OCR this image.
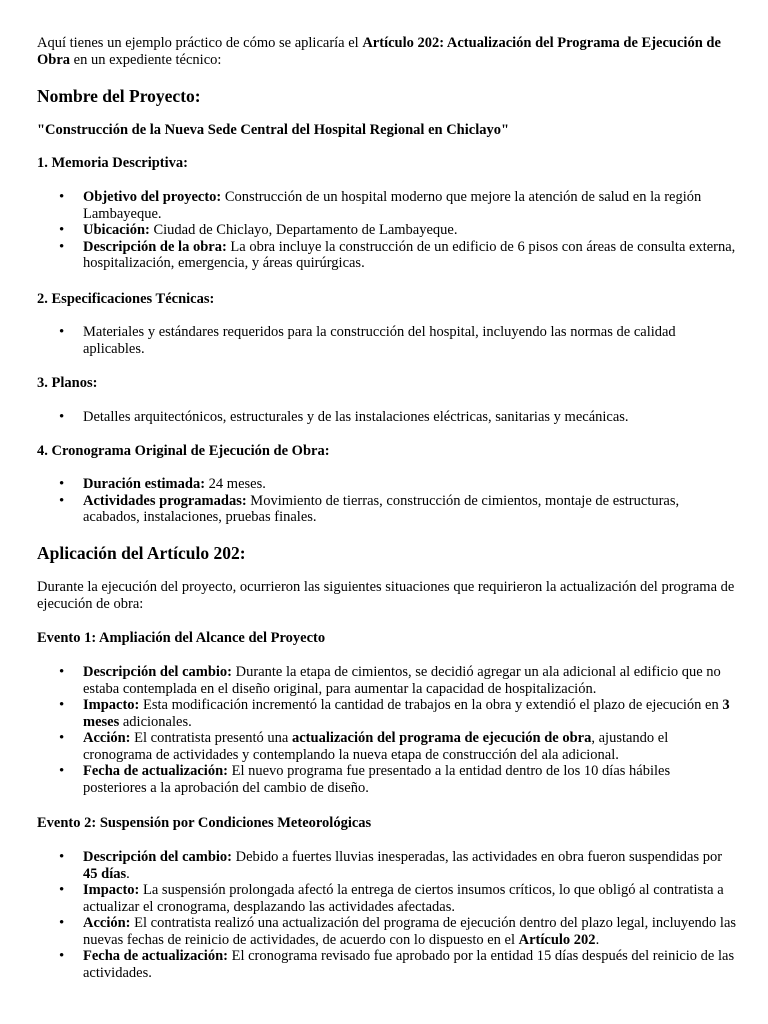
Aquí tienes un ejemplo práctico de cómo se aplicaría el Artículo 202: Actualización del Programa de Ejecución de Obra en un expediente técnico:

Nombre del Proyecto:
"Construcción de la Nueva Sede Central del Hospital Regional en Chiclayo"
1. Memoria Descriptiva:
• Objetivo del proyecto: Construcción de un hospital moderno que mejore la atención de salud en la región Lambayeque.
• Ubicación: Ciudad de Chiclayo, Departamento de Lambayeque.
• Descripción de la obra: La obra incluye la construcción de un edificio de 6 pisos con áreas de consulta externa, hospitalización, emergencia, y áreas quirúrgicas.
2. Especificaciones Técnicas:
• Materiales y estándares requeridos para la construcción del hospital, incluyendo las normas de calidad aplicables.
3. Planos:
• Detalles arquitectónicos, estructurales y de las instalaciones eléctricas, sanitarias y mecánicas.
4. Cronograma Original de Ejecución de Obra:
• Duración estimada: 24 meses.
• Actividades programadas: Movimiento de tierras, construcción de cimientos, montaje de estructuras, acabados, instalaciones, pruebas finales.
Aplicación del Artículo 202:

Durante la ejecución del proyecto, ocurrieron las siguientes situaciones que requirieron la actualización del programa de ejecución de obra:

Evento 1: Ampliación del Alcance del Proyecto
• Descripción del cambio: Durante la etapa de cimientos, se decidió agregar un ala adicional al edificio que no estaba contemplada en el diseño original, para aumentar la capacidad de hospitalización.
• Impacto: Esta modificación incrementó la cantidad de trabajos en la obra y extendió el plazo de ejecución en 3 meses adicionales.
• Acción: El contratista presentó una actualización del programa de ejecución de obra, ajustando el cronograma de actividades y contemplando la nueva etapa de construcción del ala adicional.
• Fecha de actualización: El nuevo programa fue presentado a la entidad dentro de los 10 días hábiles posteriores a la aprobación del cambio de diseño.
Evento 2: Suspensión por Condiciones Meteorológicas
• Descripción del cambio: Debido a fuertes lluvias inesperadas, las actividades en obra fueron suspendidas por 45 días.
• Impacto: La suspensión prolongada afectó la entrega de ciertos insumos críticos, lo que obligó al contratista a actualizar el cronograma, desplazando las actividades afectadas.
• Acción: El contratista realizó una actualización del programa de ejecución dentro del plazo legal, incluyendo las nuevas fechas de reinicio de actividades, de acuerdo con lo dispuesto en el Artículo 202.
• Fecha de actualización: El cronograma revisado fue aprobado por la entidad 15 días después del reinicio de las actividades.
